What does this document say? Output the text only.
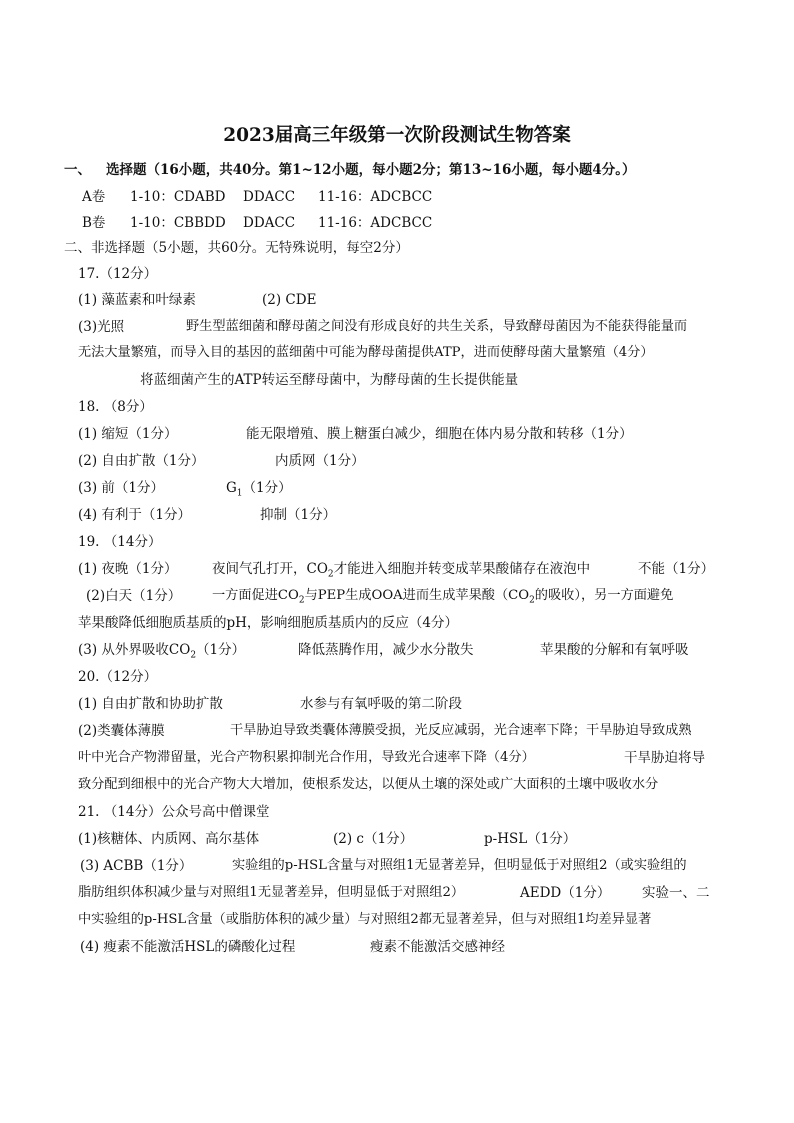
2023届高三年级第一次阶段测试生物答案
一、 选择题（16小题，共40分。第1~12小题，每小题2分；第13~16小题，每小题4分。）
A卷 1-10：CDABD DDACC 11-16：ADCBCC
B卷 1-10：CBBDD DDACC 11-16：ADCBCC
二、非选择题（5小题，共60分。无特殊说明，每空2分）
17.（12分）
(1) 藻蓝素和叶绿素	(2) CDE
(3)光照	野生型蓝细菌和酵母菌之间没有形成良好的共生关系，导致酵母菌因为不能获得能量而
无法大量繁殖，而导入目的基因的蓝细菌中可能为酵母菌提供ATP，进而使酵母菌大量繁殖（4分）
将蓝细菌产生的ATP转运至酵母菌中，为酵母菌的生长提供能量
18. （8分）
(1) 缩短（1分）	能无限增殖、膜上糖蛋白减少，细胞在体内易分散和转移（1分）
(2) 自由扩散（1分）	内质网（1分）
(3) 前（1分）	$G_1(1$分）
(4) 有利于（1分）	抑制（1分）
19. （14分）
(1) 夜晚（1分）	夜间气孔打开，$CO_2$才能进入细胞并转变成苹果酸储存在液泡中	不能（1分）
(2)白天（1分） 一方面促进$CO_2$与PEP生成OOA进而生成苹果酸（$CO_2$的吸收），另一方面避免
苹果酸降低细胞质基质的pH，影响细胞质基质内的反应（4分）
(3) 从外界吸收$CO_2(1$分）	降低蒸腾作用，减少水分散失	苹果酸的分解和有氧呼吸
20.（12分）
(1) 自由扩散和协助扩散	水参与有氧呼吸的第二阶段
(2)类囊体薄膜	干旱胁迫导致类囊体薄膜受损，光反应减弱，光合速率下降；干旱胁迫导致成熟
叶中光合产物滞留量，光合产物积累抑制光合作用，导致光合速率下降（4分）	干旱胁迫将导
致分配到细根中的光合产物大大增加，使根系发达，以便从土壤的深处或广大面积的土壤中吸收水分
21. （14分）公众号高中僧课堂
(1)核糖体、内质网、高尔基体	(2) c（1分）	p-HSL（1分）
(3) ACBB（1分）	实验组的p-HSL含量与对照组1无显著差异，但明显低于对照组2（或实验组的
脂肪组织体积减少量与对照组1无显著差异，但明显低于对照组2）	AEDD（1分） 实验一、二
中实验组的p-HSL含量（或脂肪体积的减少量）与对照组2都无显著差异，但与对照组1均差异显著
(4) 瘦素不能激活HSL的磷酸化过程	瘦素不能激活交感神经
